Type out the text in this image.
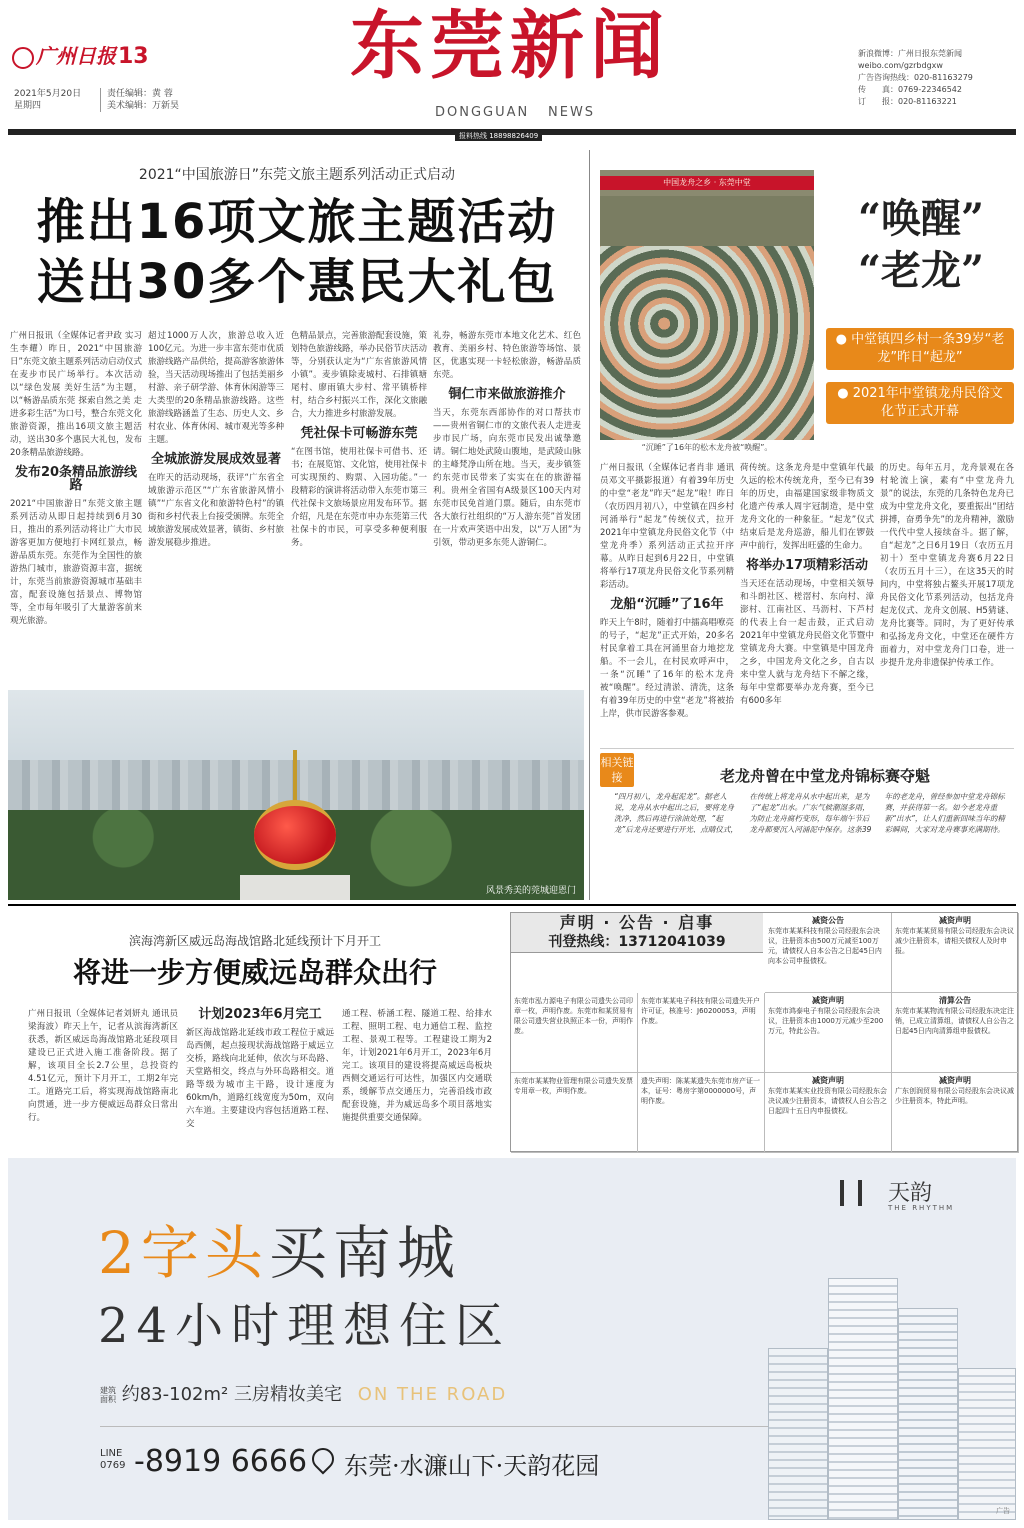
广州日报 13
2021年5月20日
星期四
责任编辑：黄 蓉
美术编辑：万新昊
东莞新闻
DONGGUAN NEWS
新浪微博：广州日报东莞新闻
weibo.com/gzrbdgxw
广告咨询热线：020-81163279
传　　真：0769-22346542
订　　报：020-81163221
报料热线 18898826409
2021“中国旅游日”东莞文旅主题系列活动正式启动
推出16项文旅主题活动
送出30多个惠民大礼包

广州日报讯（全媒体记者尹政 实习生李耀）昨日，2021“中国旅游日”东莞文旅主题系列活动启动仪式在麦步市民广场举行。本次活动以“绿色发展 美好生活”为主题，以“畅游品质东莞 探索自然之美 走进多彩生活”为口号，整合东莞文化旅游资源，推出16项文旅主题活动，送出30多个惠民大礼包，发布20条精品旅游线路。

发布20条精品旅游线路

2021“中国旅游日”东莞文旅主题系列活动从即日起持续到6月30日，推出的系列活动将让广大市民游客更加方便地打卡网红景点，畅游品质东莞。东莞作为全国性的旅游热门城市，旅游资源丰富，据统计，东莞当前旅游资源城市基础丰富，配套设施包括景点、博物馆等，全市每年吸引了大量游客前来观光旅游。

超过1000万人次，旅游总收入近100亿元。为进一步丰富东莞市优质旅游线路产品供给，提高游客旅游体验，当天活动现场推出了包括美丽乡村游、亲子研学游、体育休闲游等三大类型的20条精品旅游线路。这些旅游线路涵盖了生态、历史人文、乡村农业、体育休闲、城市观光等多种主题。

全城旅游发展成效显著

在昨天的活动现场，获评“广东省全域旅游示范区”“广东省旅游风情小镇”“广东省文化和旅游特色村”的镇街和乡村代表上台接受颁牌。东莞全域旅游发展成效显著，镇街、乡村旅游发展稳步推进。

色精品景点，完善旅游配套设施，策划特色旅游线路，举办民俗节庆活动等，分别获认定为“广东省旅游风情小镇”。麦步镇除麦城村、石排镇塘尾村、廖雨镇大步村、常平镇桥梓村，结合乡村振兴工作，深化文旅融合，大力推进乡村旅游发展。

凭社保卡可畅游东莞

“在图书馆，使用社保卡可借书、还书；在展览馆、文化馆，使用社保卡可实现预约、购票、入园功能。”一段精彩的演讲将活动带入东莞市第三代社保卡文旅场景应用发布环节。据介绍，凡是在东莞市申办东莞第三代社保卡的市民，可享受多种便利服务。

礼券，畅游东莞市本地文化艺术、红色教育、美丽乡村、特色旅游等场馆、景区，优惠实现一卡轻松旅游，畅游品质东莞。

铜仁市来做旅游推介

当天，东莞东西部协作的对口帮扶市——贵州省铜仁市的文旅代表人走进麦步市民广场，向东莞市民发出诚挚邀请。铜仁地处武陵山腹地，是武陵山脉的主峰梵净山所在地。当天，麦步镇签约东莞市民带来了实实在在的旅游福利。贵州全省国有A级景区100天内对东莞市民免首道门票。随后，由东莞市各大旅行社组织的“万人游东莞”首发团在一片欢声笑语中出发，以“万人团”为引领，带动更多东莞人游铜仁。

风景秀美的莞城迎恩门
中国龙舟之乡 · 东莞中堂
“沉睡”了16年的松木龙舟被“唤醒”。
“唤醒”
“老龙”
● 中堂镇四乡村一条39岁“老龙”昨日“起龙”
● 2021年中堂镇龙舟民俗文化节正式开幕

广州日报讯（全媒体记者肖非 通讯员邓文平摄影报道）有着39年历史的中堂“老龙”昨天“起龙”啦！昨日（农历四月初八），中堂镇在四乡村河涌举行“起龙”传统仪式，拉开2021年中堂镇龙舟民俗文化节（中堂龙舟季）系列活动正式拉开序幕。从昨日起到6月22日，中堂镇将举行17项龙舟民俗文化节系列精彩活动。

龙船“沉睡”了16年

昨天上午8时，随着打中擂高唱嘹亮的号子，“起龙”正式开始，20多名村民拿着工具在河涌里奋力地挖龙船。不一会儿，在村民欢呼声中，一条“沉睡”了16年的松木龙舟被“唤醒”。经过清淤、清洗，这条有着39年历史的中堂“老龙”将被抬上岸，供市民游客参观。

荷传统。这条龙舟是中堂镇年代最久远的松木传统龙舟，至今已有39年的历史，由福建国家级非物质文化遗产传承人周宇冠制造，是中堂龙舟文化的一种象征。“起龙”仪式结束后是龙舟巡游，船儿们在锣鼓声中前行，发挥出旺盛的生命力。

将举办17项精彩活动

当天还在活动现场，中堂相关领导和斗朗社区、槎滘村、东向村、漳澎村、江南社区、马沥村、下芦村的代表上台一起击鼓，正式启动2021年中堂镇龙舟民俗文化节暨中堂镇龙舟大赛。中堂镇是中国龙舟之乡，中国龙舟文化之乡，自古以来中堂人就与龙舟结下不解之缘，每年中堂都要举办龙舟赛，至今已有600多年

的历史。每年五月，龙舟景观在各村轮流上演，素有“中堂龙舟九景”的说法，东莞的几条特色龙舟已成为中堂龙舟文化，要重振出“团结拼搏，奋勇争先”的龙舟精神，激励一代代中堂人接续奋斗。据了解，自“起龙”之日6月19日（农历五月初十）至中堂镇龙舟赛6月22日（农历五月十三），在这35天的时间内，中堂将独占鳌头开展17项龙舟民俗文化节系列活动，包括龙舟起龙仪式、龙舟文创展、H5猜谜、龙舟比赛等。同时，为了更好传承和弘扬龙舟文化，中堂还在硬件方面着力，对中堂龙舟门口卷，进一步提升龙舟非遗保护传承工作。

相关链接	老龙舟曾在中堂龙舟锦标赛夺魁
“四月初八，龙舟起泥龙”。据老人说，龙舟从水中起出之后，要将龙身洗净，然后再进行涂油处理，“起龙”后龙舟还要进行开光、点睛仪式，在传统上将龙舟从水中起出来，是为了“起龙”出水。广东气候潮湿多雨，为防止龙舟腐朽变形，每年端午节后龙舟都要沉入河涌泥中保存。这条39年的老龙舟，曾经参加中堂龙舟锦标赛，并获得第一名。如今老龙舟重新“出水”，让人们重新回味当年的精彩瞬间，大家对龙舟赛事充满期待。
滨海湾新区威远岛海战馆路北延线预计下月开工
将进一步方便威远岛群众出行

广州日报讯（全媒体记者刘妍丸 通讯员梁海波）昨天上午，记者从滨海湾新区获悉，新区威远岛海战馆路北延段项目建设已正式进入施工准备阶段。据了解，该项目全长2.7公里，总投资约4.51亿元，预计下月开工，工期2年完工。道路完工后，将实现海战馆路南北向贯通，进一步方便威远岛群众日常出行。

计划2023年6月完工

新区海战馆路北延线市政工程位于威远岛西侧，起点接现状海战馆路于威远立交桥，路线向北延伸，依次与环岛路、天堂路相交，终点与外环岛路相交。道路等级为城市主干路，设计速度为60km/h，道路红线宽度为50m，双向六车道。主要建设内容包括道路工程、交

通工程、桥涵工程、隧道工程、给排水工程、照明工程、电力通信工程、监控工程、景观工程等。工程建设工期为2年，计划2021年6月开工，2023年6月完工。该项目的建设将提高威远岛板块西侧交通运行可达性，加强区内交通联系，缓解节点交通压力，完善沿线市政配套设施，并为威远岛多个项目落地实施提供重要交通保障。

声明 · 公告 · 启事
刊登热线：13712041039
东莞市泓力源电子有限公司遗失公司印章一枚，声明作废。东莞市和某贸易有限公司遗失营业执照正本一份，声明作废。
东莞市某某物业管理有限公司遗失发票专用章一枚，声明作废。
东莞市某某电子科技有限公司遗失开户许可证，核准号：J60200053，声明作废。
遗失声明：陈某某遗失东莞市房产证一本，证号：粤房字第0000000号，声明作废。
减资公告
东莞市某某科技有限公司经股东会决议，注册资本由500万元减至100万元，请债权人自本公告之日起45日内向本公司申报债权。
减资声明
东莞市鸿泰电子有限公司经股东会决议，注册资本由1000万元减少至200万元，特此公告。
减资声明
东莞市某某实业投资有限公司经股东会决议减少注册资本，请债权人自公告之日起四十五日内申报债权。
减资声明
东莞市某某贸易有限公司经股东会决议减少注册资本，请相关债权人及时申报。
清算公告
东莞市某某物流有限公司经股东决定注销，已成立清算组，请债权人自公告之日起45日内向清算组申报债权。
减资声明
广东创润贸易有限公司经股东会决议减少注册资本，特此声明。
2字头买南城
24小时理想住区
建筑面积 约83-102m² 三房精妆美宅 ON THE ROAD
LINE
0769 -8919 6666 东莞·水濂山下·天韵花园
天韵
THE RHYTHM
广告
